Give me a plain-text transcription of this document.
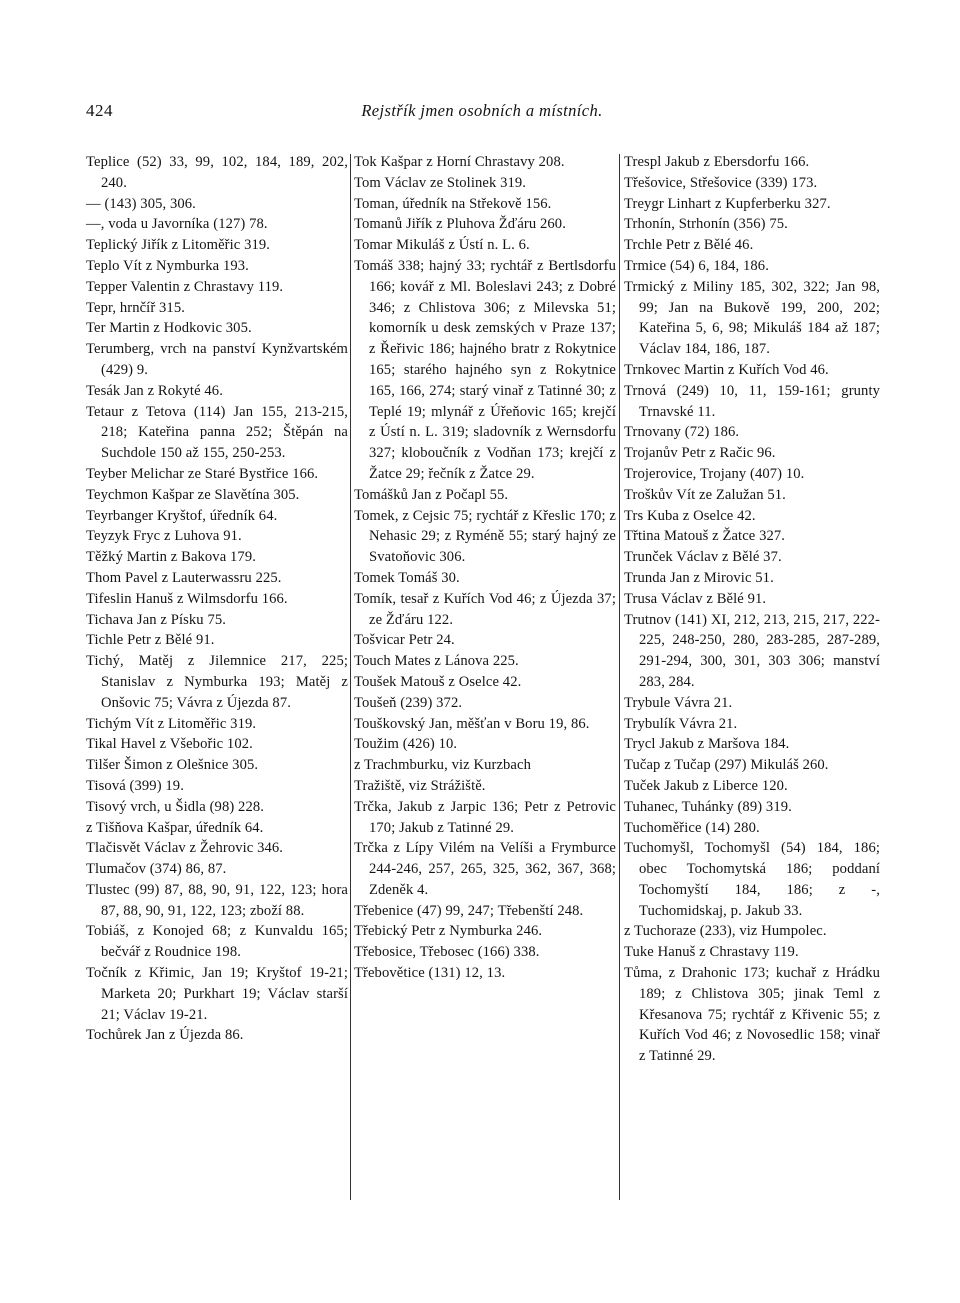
424	Rejstřík jmen osobních a místních.
Teplice (52) 33, 99, 102, 184, 189, 202, 240.
— (143) 305, 306.
—, voda u Javorníka (127) 78.
Teplický Jiřík z Litoměřic 319.
Teplo Vít z Nymburka 193.
Tepper Valentin z Chrastavy 119.
Tepr, hrnčíř 315.
Ter Martin z Hodkovic 305.
Terumberg, vrch na panství Kynžvartském (429) 9.
Tesák Jan z Rokyté 46.
Tetaur z Tetova (114) Jan 155, 213-215, 218; Kateřina panna 252; Štěpán na Suchdole 150 až 155, 250-253.
Teyber Melichar ze Staré Bystřice 166.
Teychmon Kašpar ze Slavětína 305.
Teyrbanger Kryštof, úředník 64.
Teyzyk Fryc z Luhova 91.
Těžký Martin z Bakova 179.
Thom Pavel z Lauterwassru 225.
Tifeslin Hanuš z Wilmsdorfu 166.
Tichava Jan z Písku 75.
Tichle Petr z Bělé 91.
Tichý, Matěj z Jilemnice 217, 225; Stanislav z Nymburka 193; Matěj z Onšovic 75; Vávra z Újezda 87.
Tichým Vít z Litoměřic 319.
Tikal Havel z Všebořic 102.
Tilšer Šimon z Olešnice 305.
Tisová (399) 19.
Tisový vrch, u Šidla (98) 228.
z Tišňova Kašpar, úředník 64.
Tlačisvět Václav z Žehrovic 346.
Tlumačov (374) 86, 87.
Tlustec (99) 87, 88, 90, 91, 122, 123; hora 87, 88, 90, 91, 122, 123; zboží 88.
Tobiáš, z Konojed 68; z Kunvaldu 165; bečvář z Roudnice 198.
Točník z Křimic, Jan 19; Kryštof 19-21; Marketa 20; Purkhart 19; Václav starší 21; Václav 19-21.
Tochůrek Jan z Újezda 86.
Tok Kašpar z Horní Chrastavy 208.
Tom Václav ze Stolinek 319.
Toman, úředník na Střekově 156.
Tomanů Jiřík z Pluhova Žďáru 260.
Tomar Mikuláš z Ústí n. L. 6.
Tomáš 338; hajný 33; rychtář z Bertlsdorfu 166; kovář z Ml. Boleslavi 243; z Dobré 346; z Chlistova 306; z Milevska 51; komorník u desk zemských v Praze 137; z Řeřivic 186; hajného bratr z Rokytnice 165; starého hajného syn z Rokytnice 165, 166, 274; starý vinař z Tatinné 30; z Teplé 19; mlynář z Úřeňovic 165; krejčí z Ústí n. L. 319; sladovník z Wernsdorfu 327; kloboučník z Vodňan 173; krejčí z Žatce 29; řečník z Žatce 29.
Tomášků Jan z Počapl 55.
Tomek, z Cejsic 75; rychtář z Křeslic 170; z Nehasic 29; z Ryméně 55; starý hajný ze Svatoňovic 306.
Tomek Tomáš 30.
Tomík, tesař z Kuřích Vod 46; z Újezda 37; ze Žďáru 122.
Tošvicar Petr 24.
Touch Mates z Lánova 225.
Toušek Matouš z Oselce 42.
Toušeň (239) 372.
Touškovský Jan, měšťan v Boru 19, 86.
Toužim (426) 10.
z Trachmburku, viz Kurzbach
Tražiště, viz Strážiště.
Trčka, Jakub z Jarpic 136; Petr z Petrovic 170; Jakub z Tatinné 29.
Trčka z Lípy Vilém na Velíši a Frymburce 244-246, 257, 265, 325, 362, 367, 368; Zdeněk 4.
Třebenice (47) 99, 247; Třebenští 248.
Třebický Petr z Nymburka 246.
Třebosice, Třebosec (166) 338.
Třebovětice (131) 12, 13.
Trespl Jakub z Ebersdorfu 166.
Třešovice, Střešovice (339) 173.
Treygr Linhart z Kupferberku 327.
Trhonín, Strhonín (356) 75.
Trchle Petr z Bělé 46.
Trmice (54) 6, 184, 186.
Trmický z Miliny 185, 302, 322; Jan 98, 99; Jan na Bukově 199, 200, 202; Kateřina 5, 6, 98; Mikuláš 184 až 187; Václav 184, 186, 187.
Trnkovec Martin z Kuřích Vod 46.
Trnová (249) 10, 11, 159-161; grunty Trnavské 11.
Trnovany (72) 186.
Trojanův Petr z Račic 96.
Trojerovice, Trojany (407) 10.
Troškův Vít ze Zalužan 51.
Trs Kuba z Oselce 42.
Třtina Matouš z Žatce 327.
Trunček Václav z Bělé 37.
Trunda Jan z Mirovic 51.
Trusa Václav z Bělé 91.
Trutnov (141) XI, 212, 213, 215, 217, 222-225, 248-250, 280, 283-285, 287-289, 291-294, 300, 301, 303 306; manství 283, 284.
Trybule Vávra 21.
Trybulík Vávra 21.
Trycl Jakub z Maršova 184.
Tučap z Tučap (297) Mikuláš 260.
Tuček Jakub z Liberce 120.
Tuhanec, Tuhánky (89) 319.
Tuchoměřice (14) 280.
Tuchomyšl, Tochomyšl (54) 184, 186; obec Tochomytská 186; poddaní Tochomyští 184, 186; z -, Tuchomidskaj, p. Jakub 33.
z Tuchoraze (233), viz Humpolec.
Tuke Hanuš z Chrastavy 119.
Tůma, z Drahonic 173; kuchař z Hrádku 189; z Chlistova 305; jinak Teml z Křesanova 75; rychtář z Křivenic 55; z Kuřích Vod 46; z Novosedlic 158; vinař z Tatinné 29.
